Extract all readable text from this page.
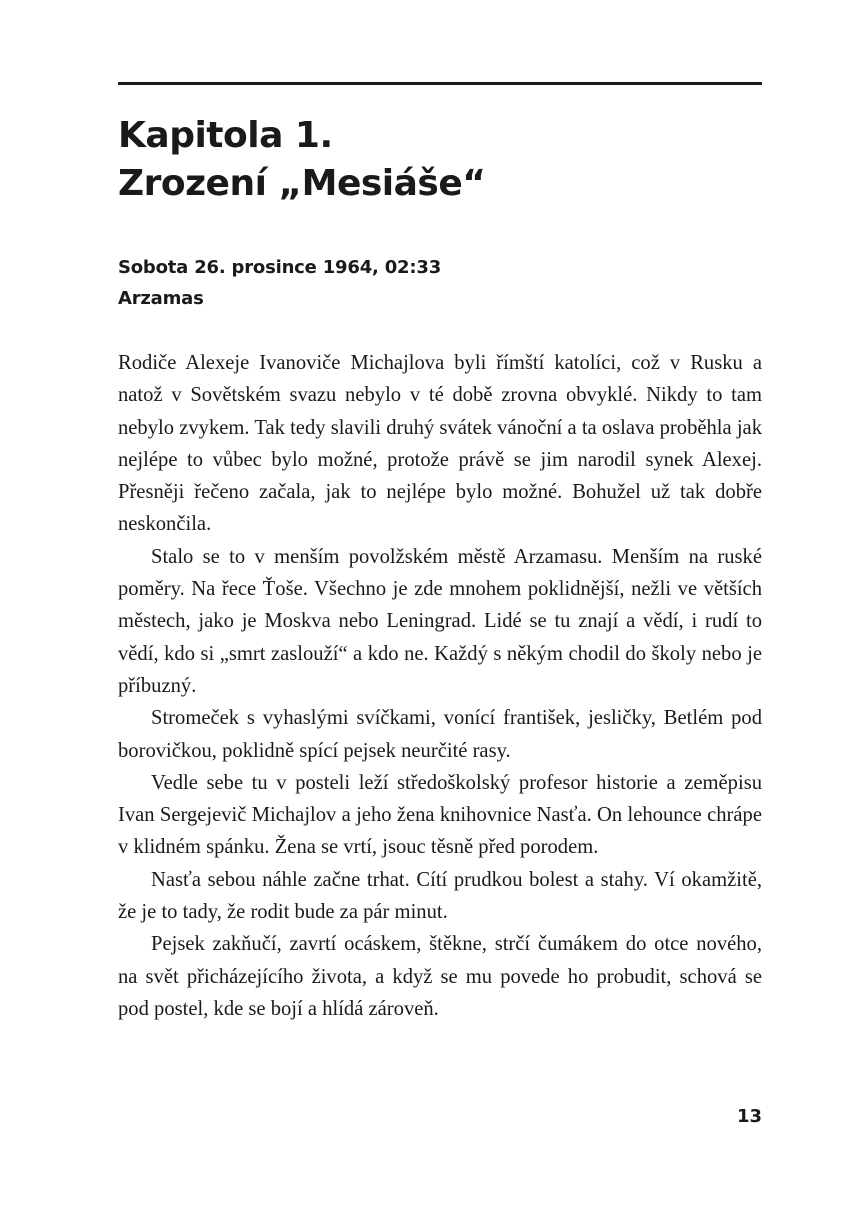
Kapitola 1.
Zrození „Mesiáše“
Sobota 26. prosince 1964, 02:33
Arzamas

Rodiče Alexeje Ivanoviče Michajlova byli římští katolíci, což v Rusku a natož v Sovětském svazu nebylo v té době zrovna obvyklé. Nikdy to tam nebylo zvykem. Tak tedy slavili druhý svátek vánoční a ta oslava proběhla jak nejlépe to vůbec bylo možné, protože právě se jim narodil synek Alexej. Přesněji řečeno začala, jak to nejlépe bylo možné. Bohužel už tak dobře neskončila.

Stalo se to v menším povolžském městě Arzamasu. Menším na ruské poměry. Na řece Ťoše. Všechno je zde mnohem poklidnější, nežli ve větších městech, jako je Moskva nebo Leningrad. Lidé se tu znají a vědí, i rudí to vědí, kdo si „smrt zaslouží“ a kdo ne. Každý s někým chodil do školy nebo je příbuzný.

Stromeček s vyhaslými svíčkami, vonící františek, jesličky, Betlém pod borovičkou, poklidně spící pejsek neurčité rasy.

Vedle sebe tu v posteli leží středoškolský profesor historie a zeměpisu Ivan Sergejevič Michajlov a jeho žena knihovnice Nasťa. On lehounce chrápe v klidném spánku. Žena se vrtí, jsouc těsně před porodem.

Nasťa sebou náhle začne trhat. Cítí prudkou bolest a stahy. Ví okamžitě, že je to tady, že rodit bude za pár minut.

Pejsek zakňučí, zavrtí ocáskem, štěkne, strčí čumákem do otce nového, na svět přicházejícího života, a když se mu povede ho probudit, schová se pod postel, kde se bojí a hlídá zároveň.

13
